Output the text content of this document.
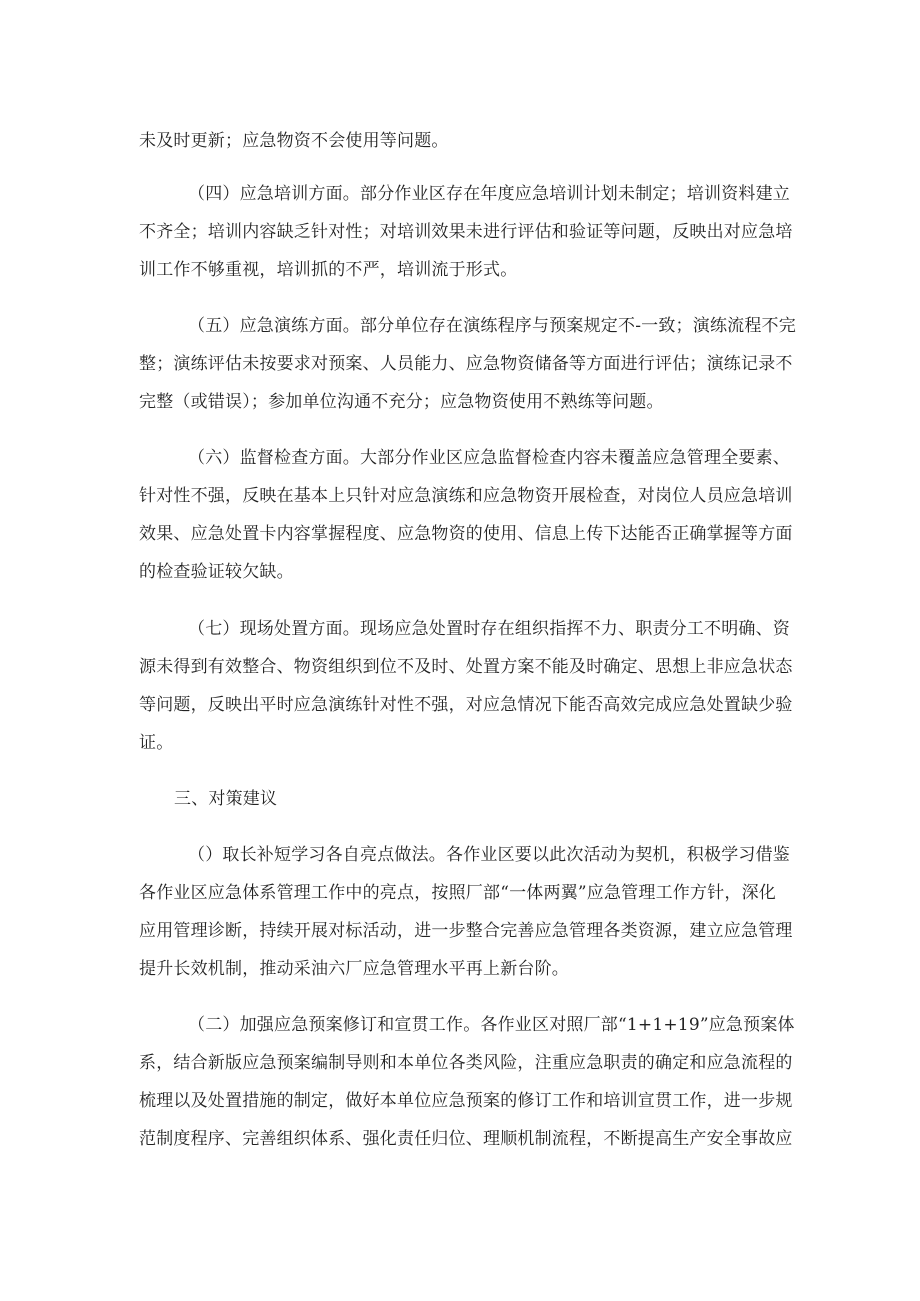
未及时更新；应急物资不会使用等问题。
（四）应急培训方面。部分作业区存在年度应急培训计划未制定；培训资料建立
不齐全；培训内容缺乏针对性；对培训效果未进行评估和验证等问题，反映出对应急培
训工作不够重视，培训抓的不严，培训流于形式。
（五）应急演练方面。部分单位存在演练程序与预案规定不-一致；演练流程不完
整；演练评估未按要求对预案、人员能力、应急物资储备等方面进行评估；演练记录不
完整（或错误）；参加单位沟通不充分；应急物资使用不熟练等问题。
（六）监督检查方面。大部分作业区应急监督检查内容未覆盖应急管理全要素、
针对性不强，反映在基本上只针对应急演练和应急物资开展检查，对岗位人员应急培训
效果、应急处置卡内容掌握程度、应急物资的使用、信息上传下达能否正确掌握等方面
的检查验证较欠缺。
（七）现场处置方面。现场应急处置时存在组织指挥不力、职责分工不明确、资
源未得到有效整合、物资组织到位不及时、处置方案不能及时确定、思想上非应急状态
等问题，反映出平时应急演练针对性不强，对应急情况下能否高效完成应急处置缺少验
证。
三、对策建议
（）取长补短学习各自亮点做法。各作业区要以此次活动为契机，积极学习借鉴
各作业区应急体系管理工作中的亮点，按照厂部“一体两翼”应急管理工作方针，深化
应用管理诊断，持续开展对标活动，进一步整合完善应急管理各类资源，建立应急管理
提升长效机制，推动采油六厂应急管理水平再上新台阶。
（二）加强应急预案修订和宣贯工作。各作业区对照厂部“1+1+19”应急预案体
系，结合新版应急预案编制导则和本单位各类风险，注重应急职责的确定和应急流程的
梳理以及处置措施的制定，做好本单位应急预案的修订工作和培训宣贯工作，进一步规
范制度程序、完善组织体系、强化责任归位、理顺机制流程，不断提高生产安全事故应
